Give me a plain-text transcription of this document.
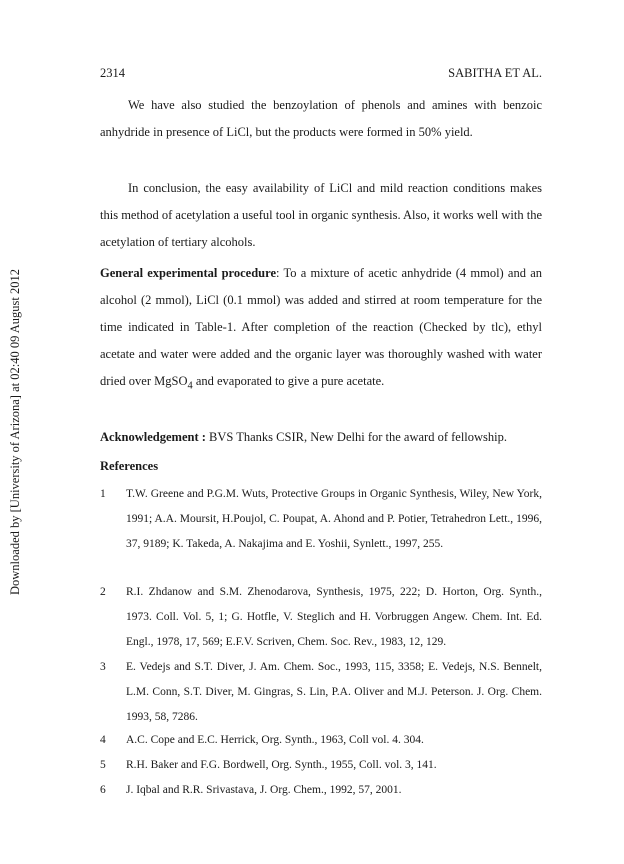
Downloaded by [University of Arizona] at 02:40 09 August 2012
2314	SABITHA ET AL.

We have also studied the benzoylation of phenols and amines with benzoic anhydride in presence of LiCl, but the products were formed in 50% yield.

In conclusion, the easy availability of LiCl and mild reaction conditions makes this method of acetylation a useful tool in organic synthesis. Also, it works well with the acetylation of tertiary alcohols.

General experimental procedure: To a mixture of acetic anhydride (4 mmol) and an alcohol (2 mmol), LiCl (0.1 mmol) was added and stirred at room temperature for the time indicated in Table-1. After completion of the reaction (Checked by tlc), ethyl acetate and water were added and the organic layer was thoroughly washed with water dried over MgSO$_4$ and evaporated to give a pure acetate.

Acknowledgement : BVS Thanks CSIR, New Delhi for the award of fellowship.

References
1	T.W. Greene and P.G.M. Wuts, Protective Groups in Organic Synthesis, Wiley, New York, 1991; A.A. Moursit, H.Poujol, C. Poupat, A. Ahond and P. Potier, Tetrahedron Lett., 1996, 37, 9189; K. Takeda, A. Nakajima and E. Yoshii, Synlett., 1997, 255.
2	R.I. Zhdanow and S.M. Zhenodarova, Synthesis, 1975, 222; D. Horton, Org. Synth., 1973. Coll. Vol. 5, 1; G. Hotfle, V. Steglich and H. Vorbruggen Angew. Chem. Int. Ed. Engl., 1978, 17, 569; E.F.V. Scriven, Chem. Soc. Rev., 1983, 12, 129.
3	E. Vedejs and S.T. Diver, J. Am. Chem. Soc., 1993, 115, 3358; E. Vedejs, N.S. Bennelt, L.M. Conn, S.T. Diver, M. Gingras, S. Lin, P.A. Oliver and M.J. Peterson. J. Org. Chem. 1993, 58, 7286.
4	A.C. Cope and E.C. Herrick, Org. Synth., 1963, Coll vol. 4. 304.
5	R.H. Baker and F.G. Bordwell, Org. Synth., 1955, Coll. vol. 3, 141.
6	J. Iqbal and R.R. Srivastava, J. Org. Chem., 1992, 57, 2001.
